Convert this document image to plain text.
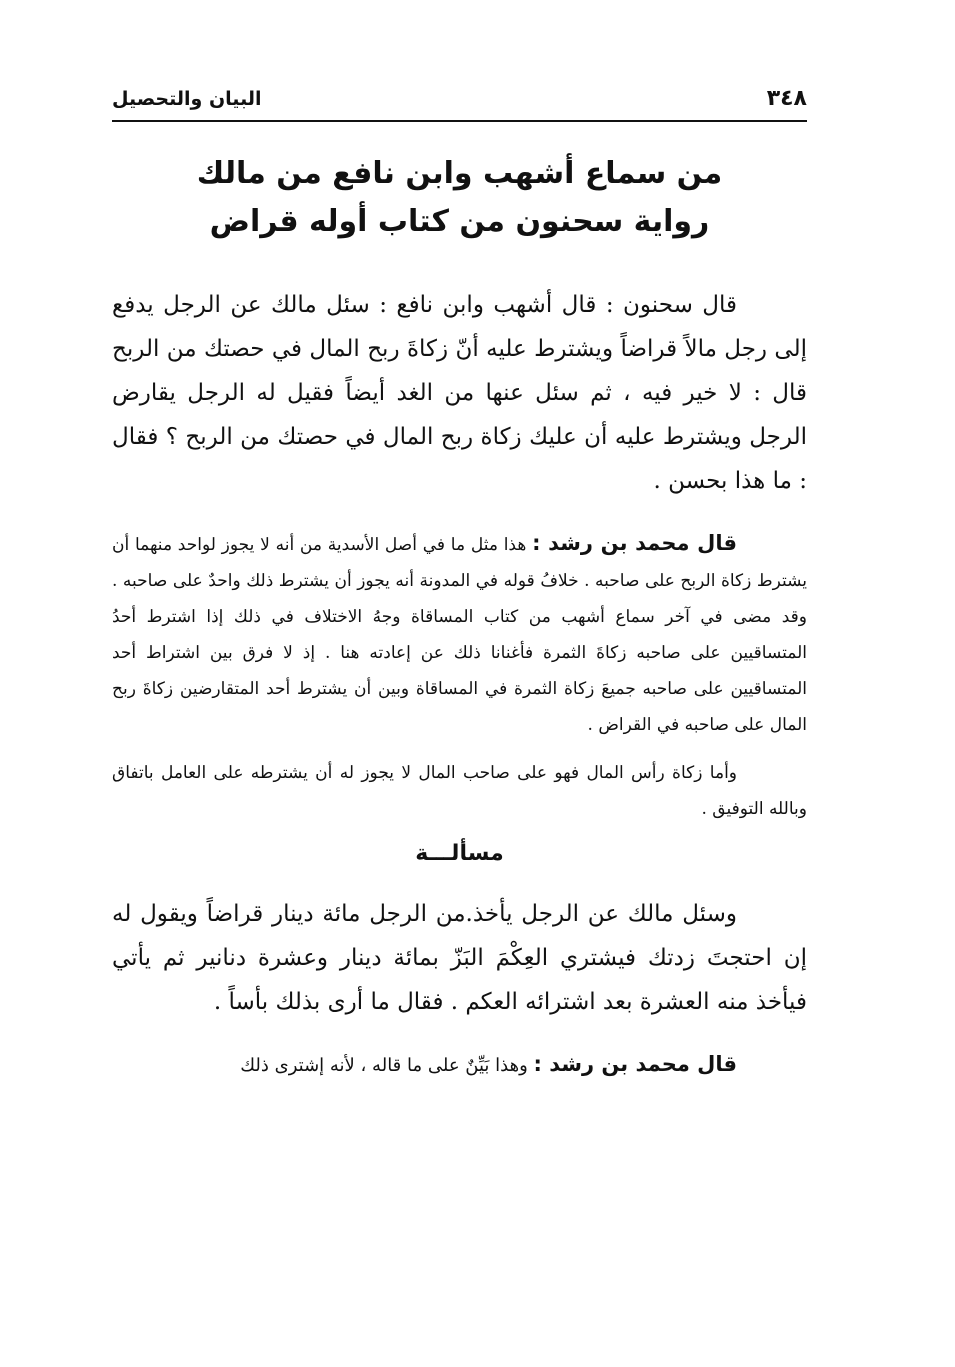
٣٤٨
البيان والتحصيل
من سماع أشهب وابن نافع من مالك
رواية سحنون من كتاب أوله قراض

قال سحنون : قال أشهب وابن نافع : سئل مالك عن الرجل يدفع إلى رجل مالاً قراضاً ويشترط عليه أنّ زكاةَ ربح المال في حصتك من الربح قال : لا خير فيه ، ثم سئل عنها من الغد أيضاً فقيل له الرجل يقارض الرجل ويشترط عليه أن عليك زكاة ربح المال في حصتك من الربح ؟ فقال : ما هذا بحسن .

قال محمد بن رشد : هذا مثل ما في أصل الأسدية من أنه لا يجوز لواحد منهما أن يشترط زكاة الربح على صاحبه . خلافُ قوله في المدونة أنه يجوز أن يشترط ذلك واحدٌ على صاحبه . وقد مضى في آخر سماع أشهب من كتاب المساقاة وجهُ الاختلاف في ذلك إذا اشترط أحدُ المتساقيين على صاحبه زكاةَ الثمرة فأغنانا ذلك عن إعادته هنا . إذ لا فرق بين اشتراط أحد المتساقيين على صاحبه جميعَ زكاة الثمرة في المساقاة وبين أن يشترط أحد المتقارضين زكاةَ ربح المال على صاحبه في القراض .

وأما زكاة رأس المال فهو على صاحب المال لا يجوز له أن يشترطه على العامل باتفاق وبالله التوفيق .

مسألـــة

وسئل مالك عن الرجل يأخذ.من الرجل مائة دينار قراضاً ويقول له إن احتجتَ زدتك فيشتري العِكْمَ البَزّ بمائة دينار وعشرة دنانير ثم يأتي فيأخذ منه العشرة بعد اشترائه العكم . فقال ما أرى بذلك بأساً .

قال محمد بن رشد : وهذا بَيِّنٌ على ما قاله ، لأنه إشترى ذلك
